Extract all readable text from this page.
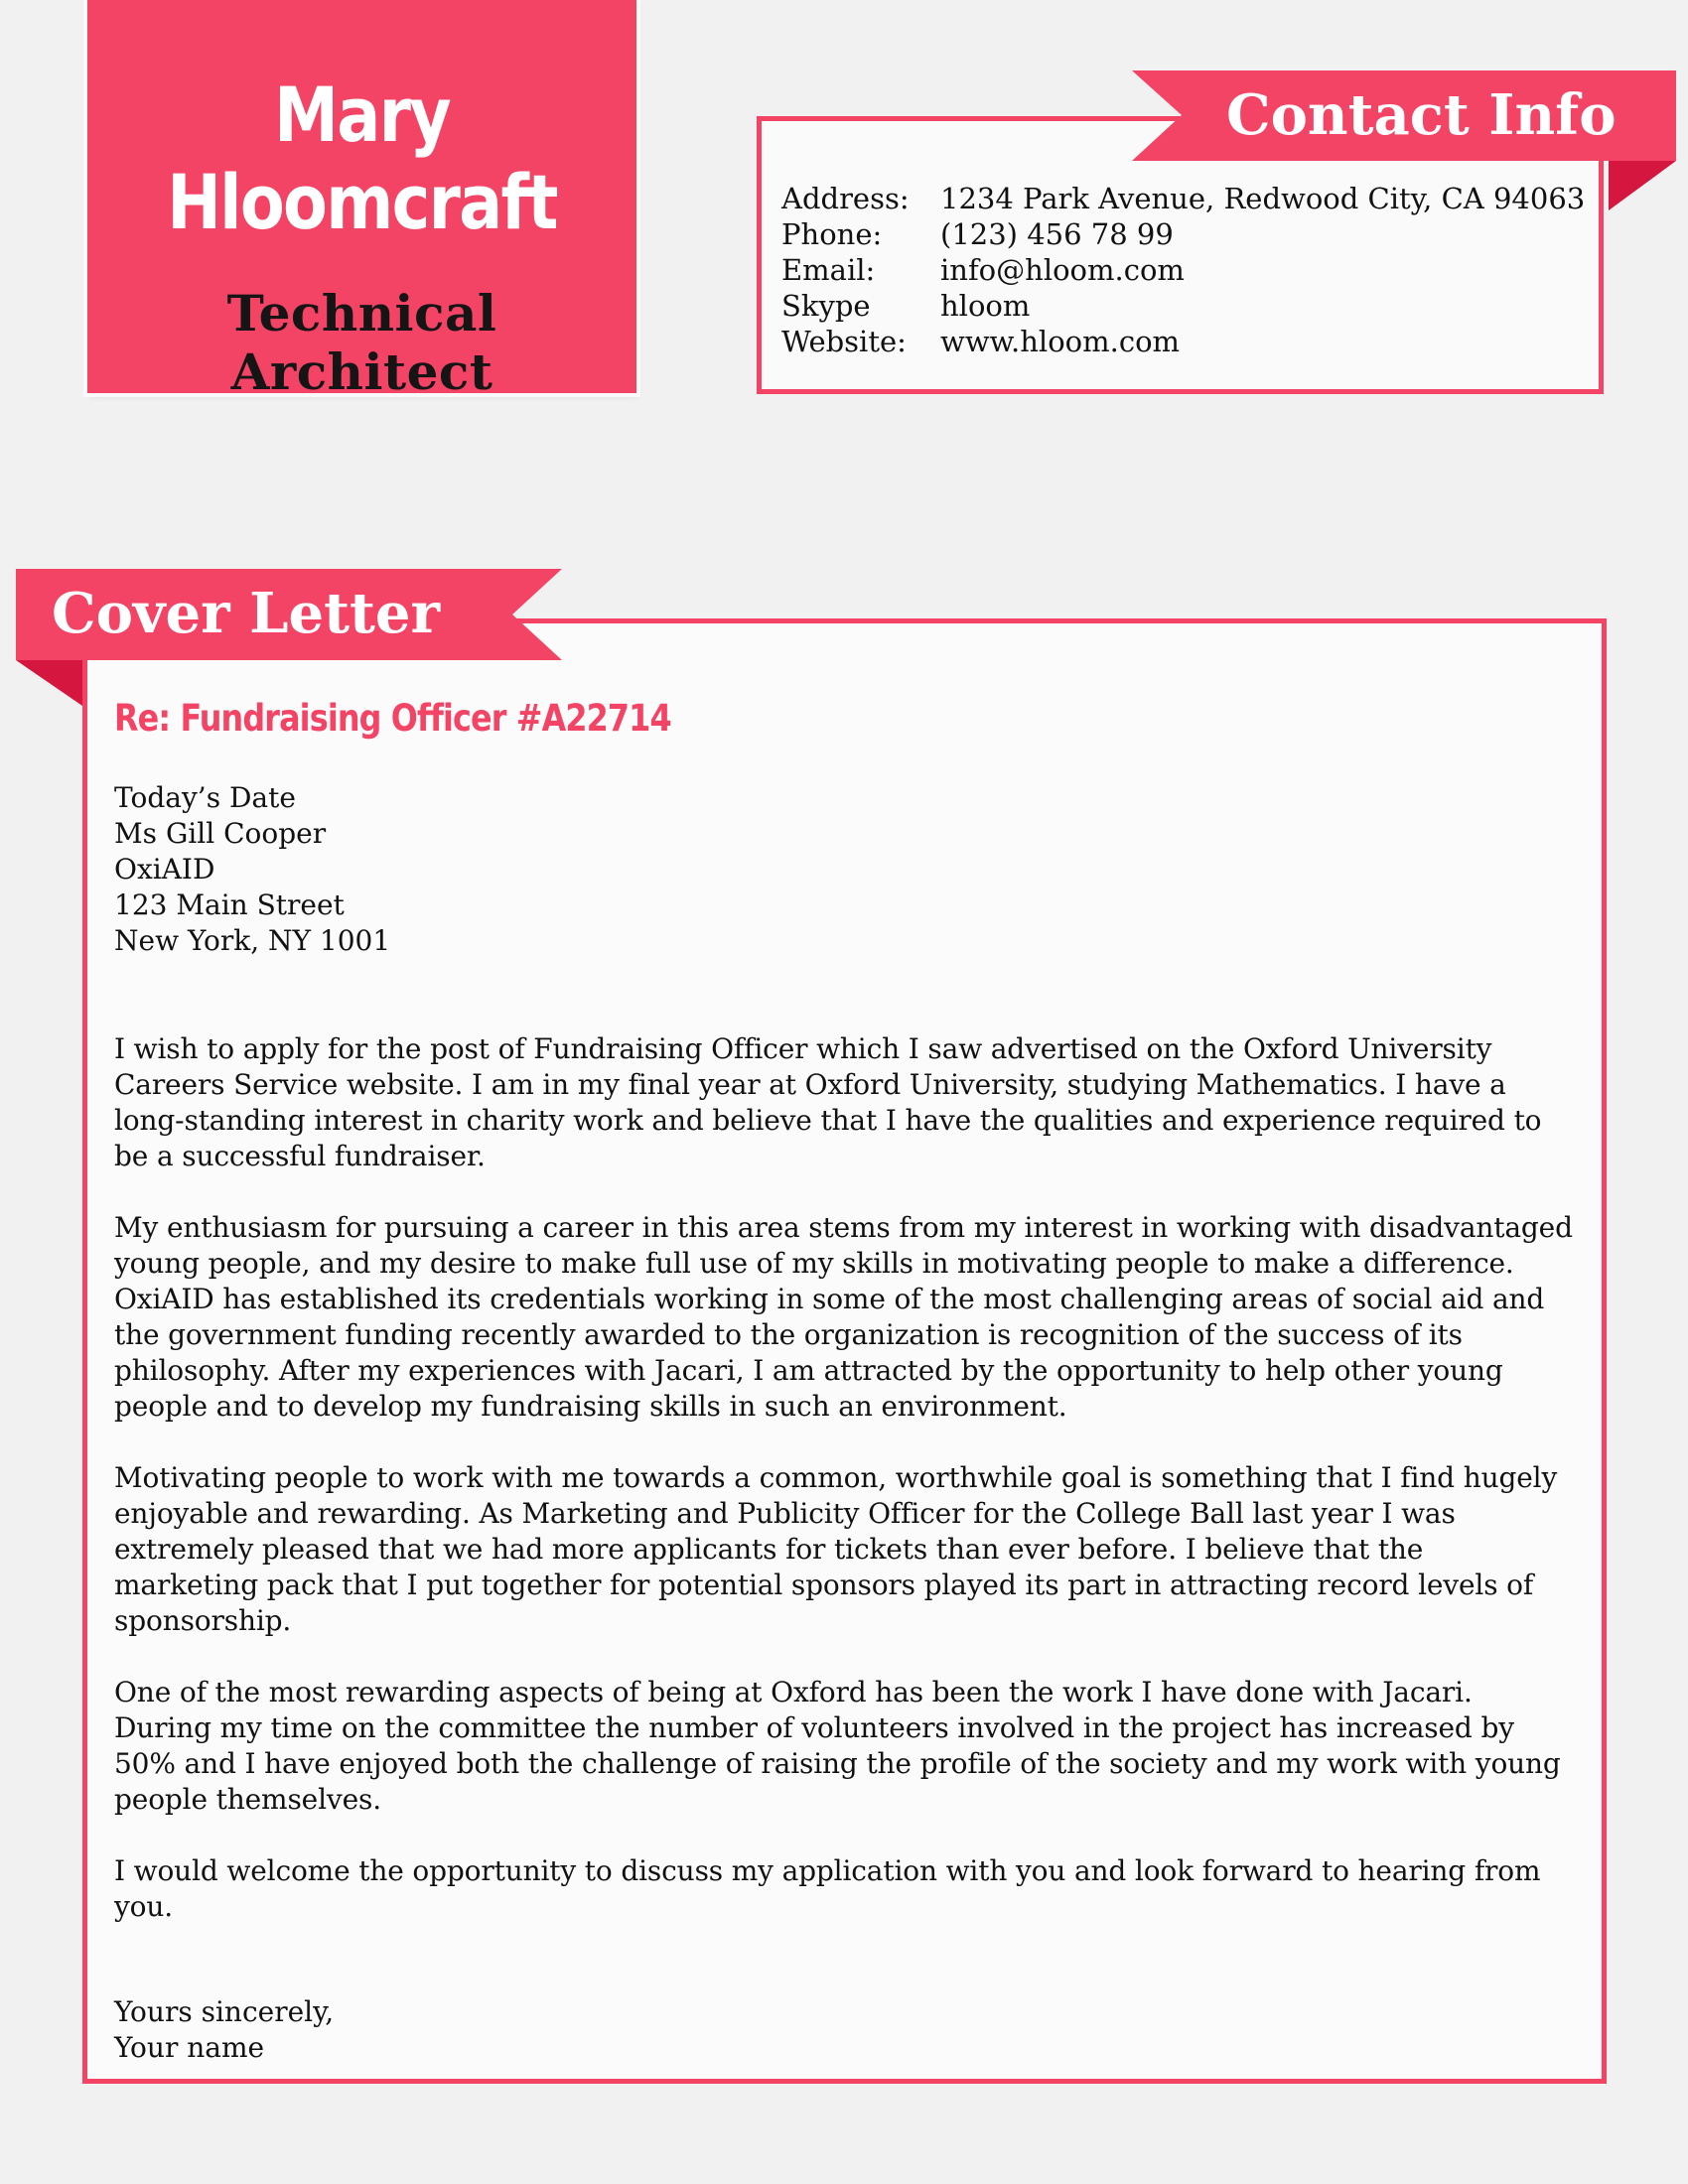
Mary
Hloomcraft
Technical Architect
Contact Info
Address:	1234 Park Avenue, Redwood City, CA 94063
Phone:	(123) 456 78 99
Email:	info@hloom.com
Skype	hloom
Website:	www.hloom.com
Cover Letter
Re: Fundraising Officer #A22714
Today’s Date
Ms Gill Cooper
OxiAID
123 Main Street
New York, NY 1001

I wish to apply for the post of Fundraising Officer which I saw advertised on the Oxford University Careers Service website. I am in my final year at Oxford University, studying Mathematics. I have a long-standing interest in charity work and believe that I have the qualities and experience required to be a successful fundraiser.

My enthusiasm for pursuing a career in this area stems from my interest in working with disadvantaged young people, and my desire to make full use of my skills in motivating people to make a difference. OxiAID has established its credentials working in some of the most challenging areas of social aid and the government funding recently awarded to the organization is recognition of the success of its philosophy. After my experiences with Jacari, I am attracted by the opportunity to help other young people and to develop my fundraising skills in such an environment.

Motivating people to work with me towards a common, worthwhile goal is something that I find hugely enjoyable and rewarding. As Marketing and Publicity Officer for the College Ball last year I was extremely pleased that we had more applicants for tickets than ever before. I believe that the marketing pack that I put together for potential sponsors played its part in attracting record levels of sponsorship.

One of the most rewarding aspects of being at Oxford has been the work I have done with Jacari. During my time on the committee the number of volunteers involved in the project has increased by 50% and I have enjoyed both the challenge of raising the profile of the society and my work with young people themselves.

I would welcome the opportunity to discuss my application with you and look forward to hearing from you.

Yours sincerely,
Your name
